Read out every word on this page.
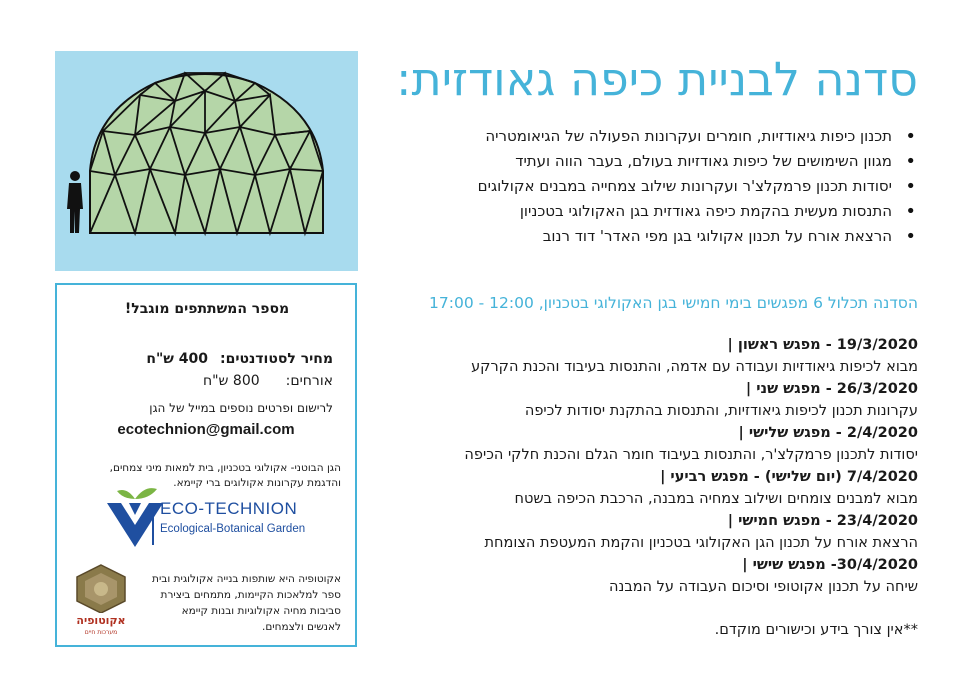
סדנה לבניית כיפה גאודזית:
• תכנון כיפות גיאודזיות, חומרים ועקרונות הפעולה של הגיאומטריה
• מגוון השימושים של כיפות גאודזיות בעולם, בעבר הווה ועתיד
• יסודות תכנון פרמקלצ'ר ועקרונות שילוב צמחייה במבנים אקולוגים
• התנסות מעשית בהקמת כיפה גאודזית בגן האקולוגי בטכניון
• הרצאת אורח על תכנון אקולוגי בגן מפי האדר' דוד רנוב
הסדנה תכלול 6 מפגשים בימי חמישי בגן האקולוגי בטכניון, 12:00 - 17:00
19/3/2020 - מפגש ראשון |
מבוא לכיפות גיאודזיות ועבודה עם אדמה, והתנסות בעיבוד והכנת הקרקע
26/3/2020 - מפגש שני |
עקרונות תכנון לכיפות גיאודזיות, והתנסות בהתקנת יסודות לכיפה
2/4/2020 - מפגש שלישי |
יסודות לתכנון פרמקלצ'ר, והתנסות בעיבוד חומר הגלם והכנת חלקי הכיפה
7/4/2020 (יום שלישי) - מפגש רביעי |
מבוא למבנים צומחים ושילוב צמחיה במבנה, הרכבת הכיפה בשטח
23/4/2020 - מפגש חמישי |
הרצאת אורח על תכנון הגן האקולוגי בטכניון והקמת המעטפת הצומחת
30/4/2020- מפגש שישי |
שיחה על תכנון אקוטופי וסיכום העבודה על המבנה
**אין צורך בידע וכישורים מוקדם.
מספר המשתתפים מוגבל!
מחיר לסטודנטים:
400 ש"ח
אורחים:
800 ש"ח
לרישום ופרטים נוספים במייל של הגן
ecotechnion@gmail.com
הגן הבוטני- אקולוגי בטכניון, בית למאות מיני צמחים, והדגמת עקרונות אקולוגים ברי קיימא.
ECO-TECHNION
Ecological-Botanical Garden
אקוטופיה היא שותפות בנייה אקולוגית ובית ספר למלאכות הקיימות, מתמחים ביצירת סביבות מחיה אקולוגיות ובנות קיימא לאנשים ולצמחים.
אקוטופיה
מערכות חיים
